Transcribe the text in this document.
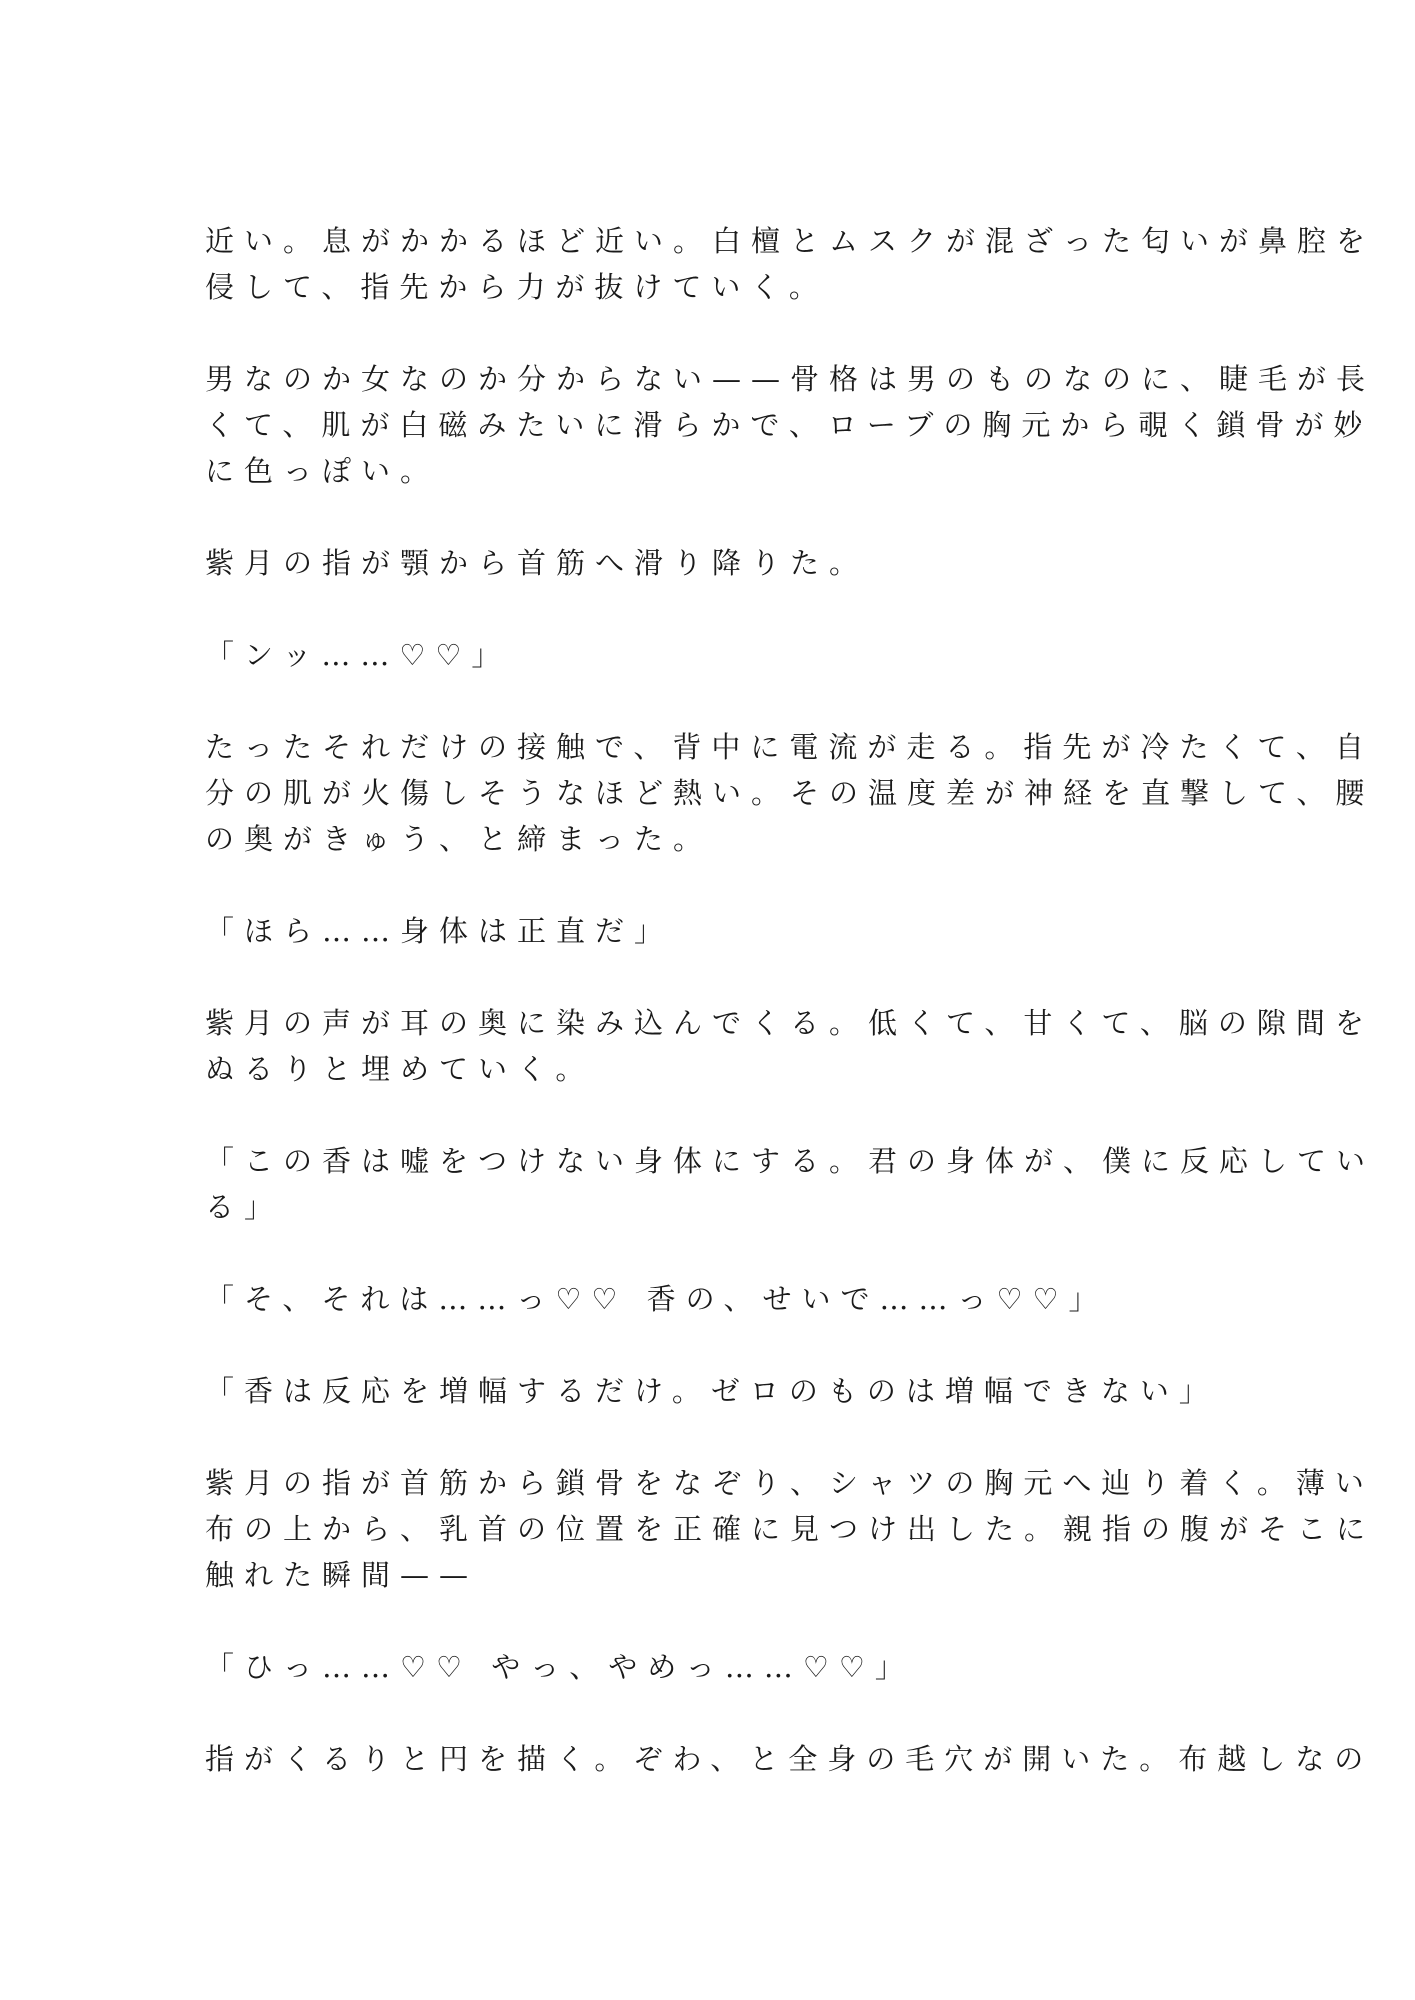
近い。息がかかるほど近い。白檀とムスクが混ざった匂いが鼻腔を
侵して、指先から力が抜けていく。

男なのか女なのか分からない——骨格は男のものなのに、睫毛が長
くて、肌が白磁みたいに滑らかで、ローブの胸元から覗く鎖骨が妙
に色っぽい。

紫月の指が顎から首筋へ滑り降りた。

「ンッ……♡♡」

たったそれだけの接触で、背中に電流が走る。指先が冷たくて、自
分の肌が火傷しそうなほど熱い。その温度差が神経を直撃して、腰
の奥がきゅう、と締まった。

「ほら……身体は正直だ」

紫月の声が耳の奥に染み込んでくる。低くて、甘くて、脳の隙間を
ぬるりと埋めていく。

「この香は嘘をつけない身体にする。君の身体が、僕に反応してい
る」

「そ、それは……っ♡♡ 香の、せいで……っ♡♡」

「香は反応を増幅するだけ。ゼロのものは増幅できない」

紫月の指が首筋から鎖骨をなぞり、シャツの胸元へ辿り着く。薄い
布の上から、乳首の位置を正確に見つけ出した。親指の腹がそこに
触れた瞬間——

「ひっ……♡♡ やっ、やめっ……♡♡」

指がくるりと円を描く。ぞわ、と全身の毛穴が開いた。布越しなの
